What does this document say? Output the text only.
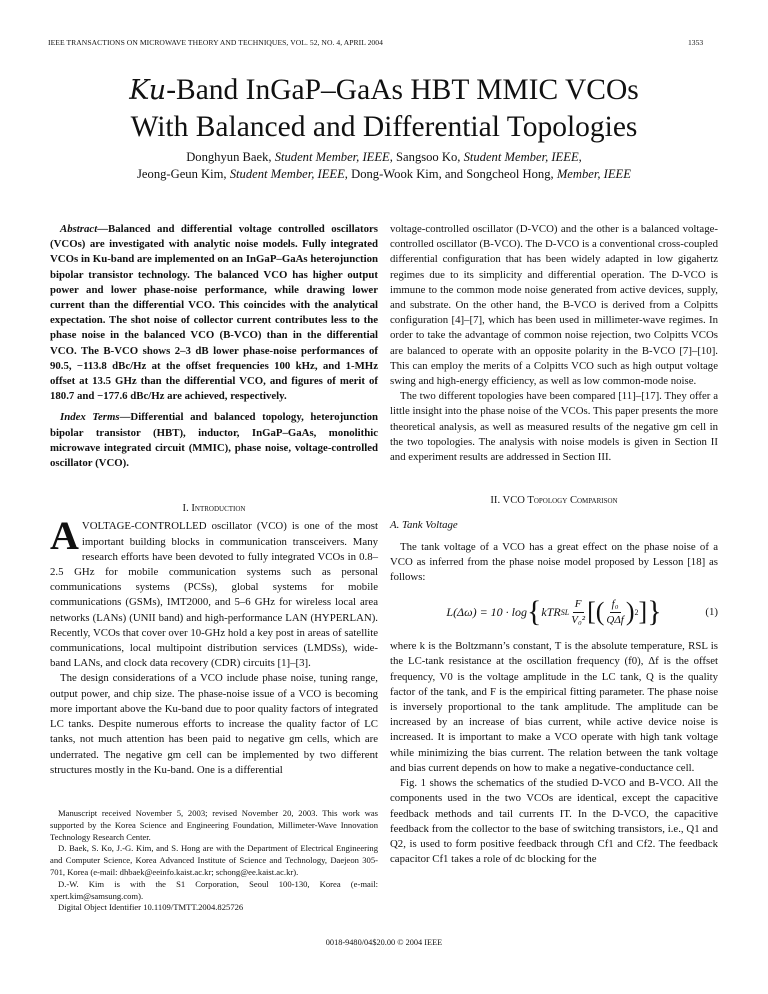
IEEE TRANSACTIONS ON MICROWAVE THEORY AND TECHNIQUES, VOL. 52, NO. 4, APRIL 2004	1353
Ku-Band InGaP–GaAs HBT MMIC VCOs
With Balanced and Differential Topologies
Donghyun Baek, Student Member, IEEE, Sangsoo Ko, Student Member, IEEE,
Jeong-Geun Kim, Student Member, IEEE, Dong-Wook Kim, and Songcheol Hong, Member, IEEE

Abstract—Balanced and differential voltage controlled oscillators (VCOs) are investigated with analytic noise models. Fully integrated VCOs in Ku-band are implemented on an InGaP–GaAs heterojunction bipolar transistor technology. The balanced VCO has higher output power and lower phase-noise performance, while drawing lower current than the differential VCO. This coincides with the analytical expectation. The shot noise of collector current contributes less to the phase noise in the balanced VCO (B-VCO) than in the differential VCO. The B-VCO shows 2–3 dB lower phase-noise performances of 90.5, −113.8 dBc/Hz at the offset frequencies 100 kHz, and 1-MHz offset at 13.5 GHz than the differential VCO, and figures of merit of 180.7 and −177.6 dBc/Hz are achieved, respectively.

Index Terms—Differential and balanced topology, heterojunction bipolar transistor (HBT), inductor, InGaP–GaAs, monolithic microwave integrated circuit (MMIC), phase noise, voltage-controlled oscillator (VCO).

I. Introduction

AVOLTAGE-CONTROLLED oscillator (VCO) is one of the most important building blocks in communication transceivers. Many research efforts have been devoted to fully integrated VCOs in 0.8–2.5 GHz for mobile communication systems such as personal communications systems (PCSs), global systems for mobile communications (GSMs), IMT2000, and 5–6 GHz for wireless local area networks (LANs) (UNII band) and high-performance LAN (HYPERLAN). Recently, VCOs that cover over 10-GHz hold a key post in areas of satellite communications, local multipoint distribution services (LMDSs), wide-band LANs, and clock data recovery (CDR) circuits [1]–[3].

The design considerations of a VCO include phase noise, tuning range, output power, and chip size. The phase-noise issue of a VCO is becoming more important above the Ku-band due to poor quality factors of integrated LC tanks. Despite numerous efforts to increase the quality factor of LC tanks, not much attention has been paid to negative gm cells, which are underrated. The negative gm cell can be implemented by two different structures mostly in the Ku-band. One is a differential

Manuscript received November 5, 2003; revised November 20, 2003. This work was supported by the Korea Science and Engineering Foundation, Millimeter-Wave Innovation Technology Research Center.

D. Baek, S. Ko, J.-G. Kim, and S. Hong are with the Department of Electrical Engineering and Computer Science, Korea Advanced Institute of Science and Technology, Daejeon 305-701, Korea (e-mail: dhbaek@eeinfo.kaist.ac.kr; schong@ee.kaist.ac.kr).

D.-W. Kim is with the S1 Corporation, Seoul 100-130, Korea (e-mail: xpert.kim@samsung.com).

Digital Object Identifier 10.1109/TMTT.2004.825726

voltage-controlled oscillator (D-VCO) and the other is a balanced voltage-controlled oscillator (B-VCO). The D-VCO is a conventional cross-coupled differential configuration that has been widely adapted in low gigahertz regimes due to its simplicity and differential operation. The D-VCO is immune to the common mode noise generated from active devices, supply, and substrate. On the other hand, the B-VCO is derived from a Colpitts configuration [4]–[7], which has been used in millimeter-wave regimes. In order to take the advantage of common noise rejection, two Colpitts VCOs are balanced to operate with an opposite polarity in the B-VCO [7]–[10]. This can employ the merits of a Colpitts VCO such as high output voltage swing and high-energy efficiency, as well as low common-mode noise.

The two different topologies have been compared [11]–[17]. They offer a little insight into the phase noise of the VCOs. This paper presents the more theoretical analysis, as well as measured results of the negative gm cell in the two topologies. The analysis with noise models is given in Section II and experiment results are addressed in Section III.

II. VCO Topology Comparison

A. Tank Voltage

The tank voltage of a VCO has a great effect on the phase noise of a VCO as inferred from the phase noise model proposed by Lesson [18] as follows:

L(Δω) = 10 · log { kTR SL $\frac{F}{\text{V₀²}}$ [( $\frac{\text{f₀}}{\text{QΔf}}$ ) 2 ] }	(1)

where k is the Boltzmann’s constant, T is the absolute temperature, RSL is the LC-tank resistance at the oscillation frequency (f0), Δf is the offset frequency, V0 is the voltage amplitude in the LC tank, Q is the quality factor of the tank, and F is the empirical fitting parameter. The phase noise is inversely proportional to the tank amplitude. The amplitude can be increased by an increase of bias current, while active device noise is increased. It is important to make a VCO operate with high tank voltage while minimizing the bias current. The relation between the tank voltage and bias current depends on how to make a negative-conductance cell.

Fig. 1 shows the schematics of the studied D-VCO and B-VCO. All the components used in the two VCOs are identical, except the capacitive feedback methods and tail currents IT. In the D-VCO, the capacitive feedback from the collector to the base of switching transistors, i.e., Q1 and Q2, is used to form positive feedback through Cf1 and Cf2. The feedback capacitor Cf1 takes a role of dc blocking for the

0018-9480/04$20.00 © 2004 IEEE
